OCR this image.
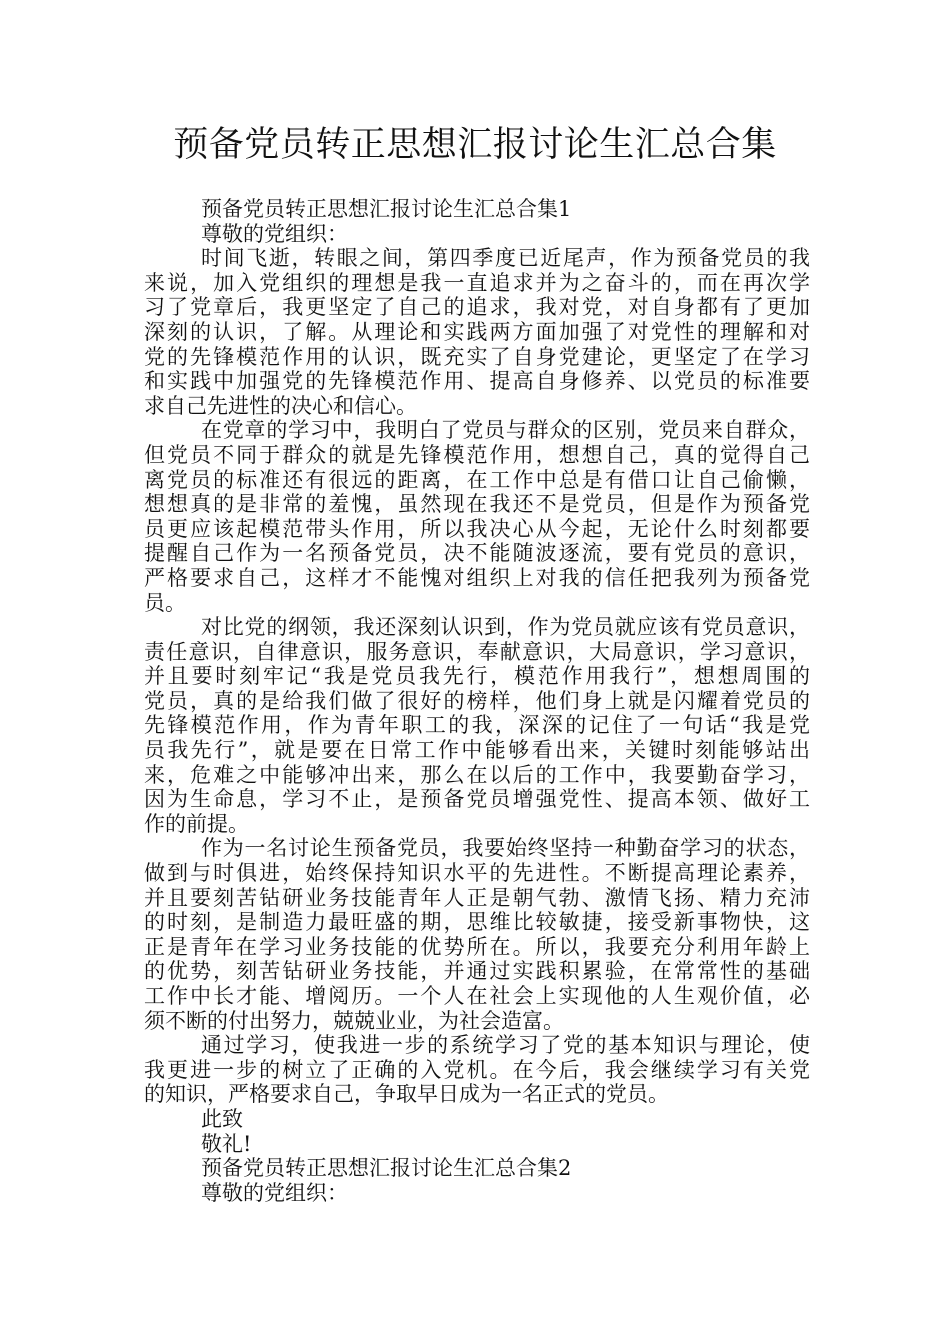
预备党员转正思想汇报讨论生汇总合集

预备党员转正思想汇报讨论生汇总合集1

尊敬的党组织：

时间飞逝，转眼之间，第四季度已近尾声，作为预备党员的我

来说，加入党组织的理想是我一直追求并为之奋斗的，而在再次学

习了党章后，我更坚定了自己的追求，我对党，对自身都有了更加

深刻的认识，了解。从理论和实践两方面加强了对党性的理解和对

党的先锋模范作用的认识，既充实了自身党建论，更坚定了在学习

和实践中加强党的先锋模范作用、提高自身修养、以党员的标准要

求自己先进性的决心和信心。

在党章的学习中，我明白了党员与群众的区别，党员来自群众，

但党员不同于群众的就是先锋模范作用，想想自己，真的觉得自己

离党员的标准还有很远的距离，在工作中总是有借口让自己偷懒，

想想真的是非常的羞愧，虽然现在我还不是党员，但是作为预备党

员更应该起模范带头作用，所以我决心从今起，无论什么时刻都要

提醒自己作为一名预备党员，决不能随波逐流，要有党员的意识，

严格要求自己，这样才不能愧对组织上对我的信任把我列为预备党

员。

对比党的纲领，我还深刻认识到，作为党员就应该有党员意识，

责任意识，自律意识，服务意识，奉献意识，大局意识，学习意识，

并且要时刻牢记“我是党员我先行，模范作用我行”，想想周围的

党员，真的是给我们做了很好的榜样，他们身上就是闪耀着党员的

先锋模范作用，作为青年职工的我，深深的记住了一句话“我是党

员我先行”，就是要在日常工作中能够看出来，关键时刻能够站出

来，危难之中能够冲出来，那么在以后的工作中，我要勤奋学习，

因为生命息，学习不止，是预备党员增强党性、提高本领、做好工

作的前提。

作为一名讨论生预备党员，我要始终坚持一种勤奋学习的状态，

做到与时俱进，始终保持知识水平的先进性。不断提高理论素养，

并且要刻苦钻研业务技能青年人正是朝气勃、激情飞扬、精力充沛

的时刻，是制造力最旺盛的期，思维比较敏捷，接受新事物快，这

正是青年在学习业务技能的优势所在。所以，我要充分利用年龄上

的优势，刻苦钻研业务技能，并通过实践积累验，在常常性的基础

工作中长才能、增阅历。一个人在社会上实现他的人生观价值，必

须不断的付出努力，兢兢业业，为社会造富。

通过学习，使我进一步的系统学习了党的基本知识与理论，使

我更进一步的树立了正确的入党机。在今后，我会继续学习有关党

的知识，严格要求自己，争取早日成为一名正式的党员。

此致

敬礼!

预备党员转正思想汇报讨论生汇总合集2

尊敬的党组织：
